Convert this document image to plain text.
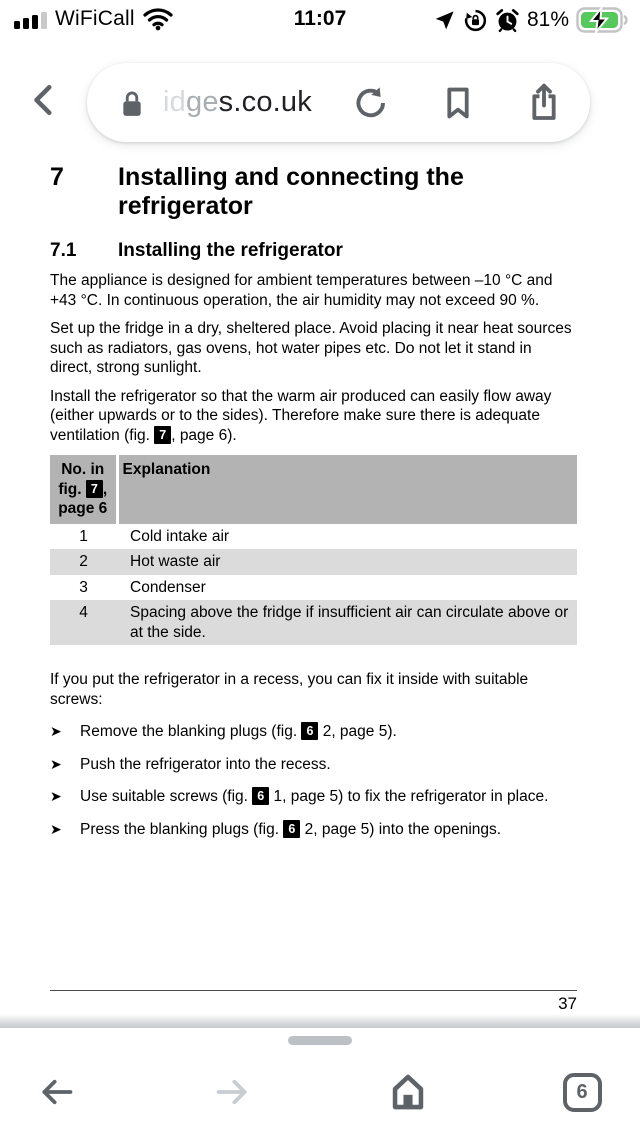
WiFiCall	11:07	81%
idges.co.uk
7	Installing and connecting the refrigerator
7.1	Installing the refrigerator

The appliance is designed for ambient temperatures between –10 °C and +43 °C. In continuous operation, the air humidity may not exceed 90 %.

Set up the fridge in a dry, sheltered place. Avoid placing it near heat sources such as radiators, gas ovens, hot water pipes etc. Do not let it stand in direct, strong sunlight.

Install the refrigerator so that the warm air produced can easily flow away (either upwards or to the sides). Therefore make sure there is adequate ventilation (fig. 7 , page 6).

No. in
fig. 7 ,
page 6	Explanation
1	Cold intake air
2	Hot waste air
3	Condenser
4	Spacing above the fridge if insufficient air can circulate above or at the side.

If you put the refrigerator in a recess, you can fix it inside with suitable screws:

➤	Remove the blanking plugs (fig. 6 2, page 5).
➤	Push the refrigerator into the recess.
➤	Use suitable screws (fig. 6 1, page 5) to fix the refrigerator in place.
➤	Press the blanking plugs (fig. 6 2, page 5) into the openings.
37
6
